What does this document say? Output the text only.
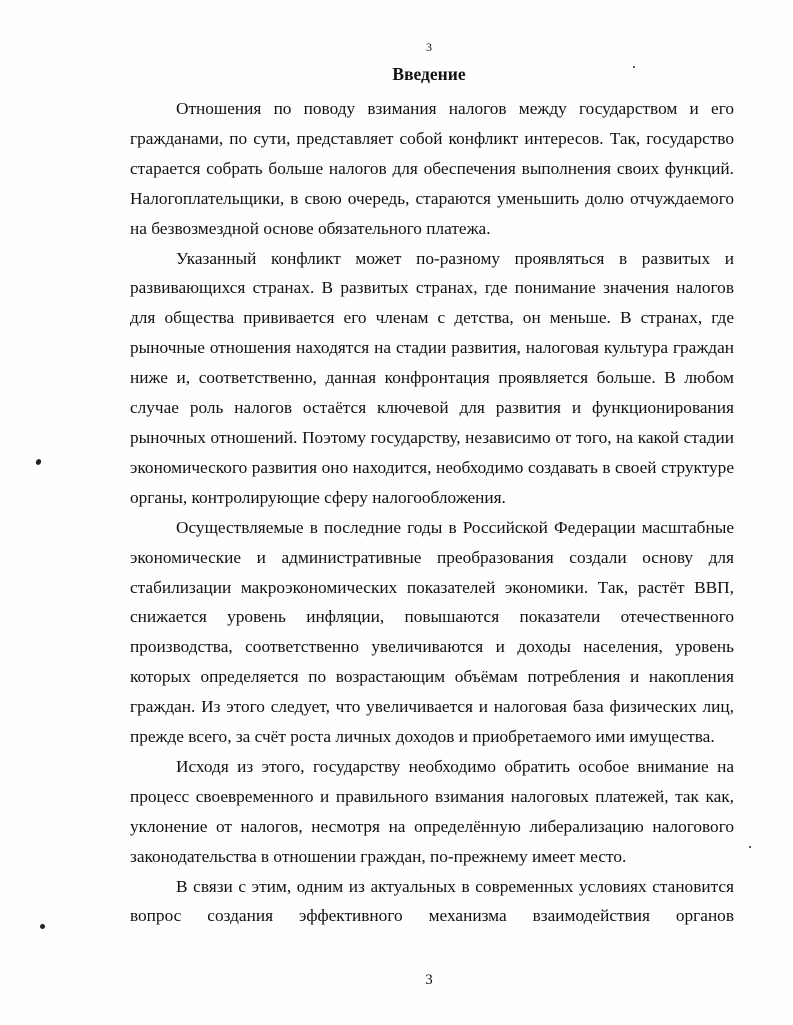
3
Введение

Отношения по поводу взимания налогов между государством и его гражданами, по сути, представляет собой конфликт интересов. Так, государство старается собрать больше налогов для обеспечения выполнения своих функций. Налогоплательщики, в свою очередь, стараются уменьшить долю отчуждаемого на безвозмездной основе обязательного платежа.

Указанный конфликт может по-разному проявляться в развитых и развивающихся странах. В развитых странах, где понимание значения налогов для общества прививается его членам с детства, он меньше. В странах, где рыночные отношения находятся на стадии развития, налоговая культура граждан ниже и, соответственно, данная конфронтация проявляется больше. В любом случае роль налогов остаётся ключевой для развития и функционирования рыночных отношений. Поэтому государству, независимо от того, на какой стадии экономического развития оно находится, необходимо создавать в своей структуре органы, контролирующие сферу налогообложения.

Осуществляемые в последние годы в Российской Федерации масштабные экономические и административные преобразования создали основу для стабилизации макроэкономических показателей экономики. Так, растёт ВВП, снижается уровень инфляции, повышаются показатели отечественного производства, соответственно увеличиваются и доходы населения, уровень которых определяется по возрастающим объёмам потребления и накопления граждан. Из этого следует, что увеличивается и налоговая база физических лиц, прежде всего, за счёт роста личных доходов и приобретаемого ими имущества.

Исходя из этого, государству необходимо обратить особое внимание на процесс своевременного и правильного взимания налоговых платежей, так как, уклонение от налогов, несмотря на определённую либерализацию налогового законодательства в отношении граждан, по-прежнему имеет место.

В связи с этим, одним из актуальных в современных условиях становится вопрос создания эффективного механизма взаимодействия органов

3
